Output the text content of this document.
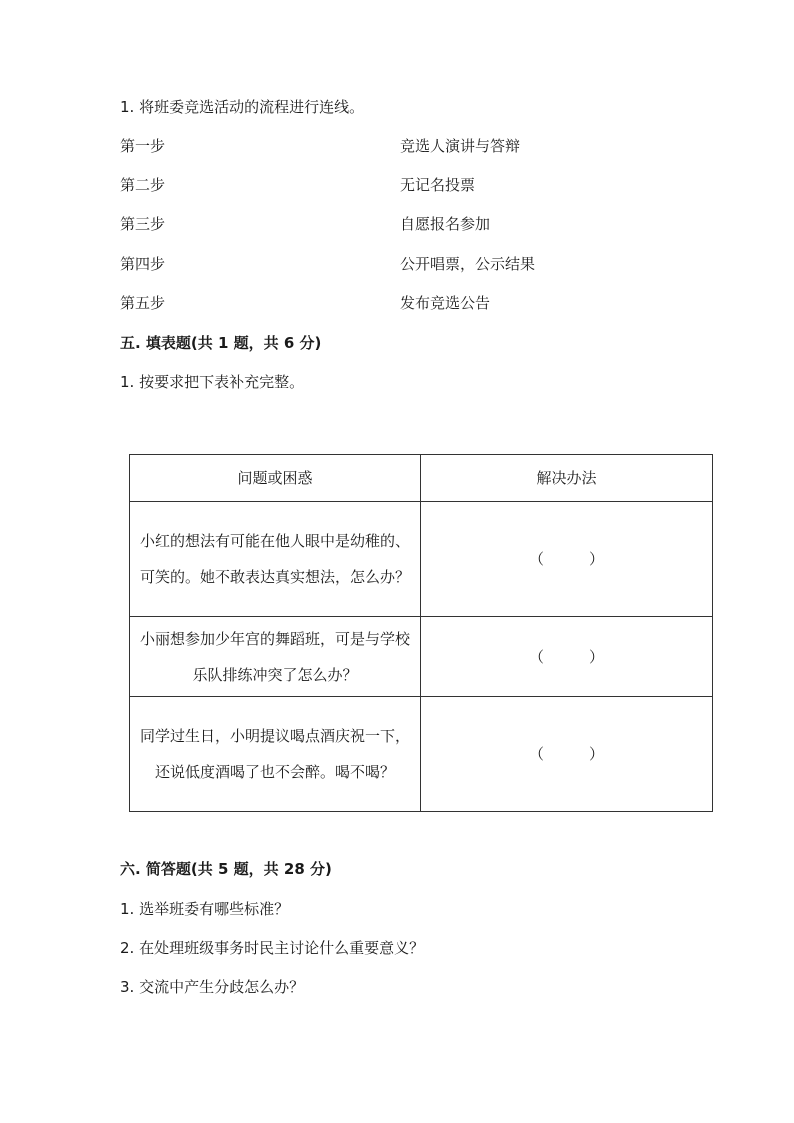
1. 将班委竞选活动的流程进行连线。
第一步	竞选人演讲与答辩
第二步	无记名投票
第三步	自愿报名参加
第四步	公开唱票，公示结果
第五步	发布竞选公告
五. 填表题(共 1 题，共 6 分)
1. 按要求把下表补充完整。
问题或困惑	解决办法
小红的想法有可能在他人眼中是幼稚的、可笑的。她不敢表达真实想法，怎么办？	（　　　）
小丽想参加少年宫的舞蹈班，可是与学校乐队排练冲突了怎么办？	（　　　）
同学过生日，小明提议喝点酒庆祝一下，还说低度酒喝了也不会醉。喝不喝？	（　　　）
六. 简答题(共 5 题，共 28 分)
1. 选举班委有哪些标准？
2. 在处理班级事务时民主讨论什么重要意义？
3. 交流中产生分歧怎么办？
